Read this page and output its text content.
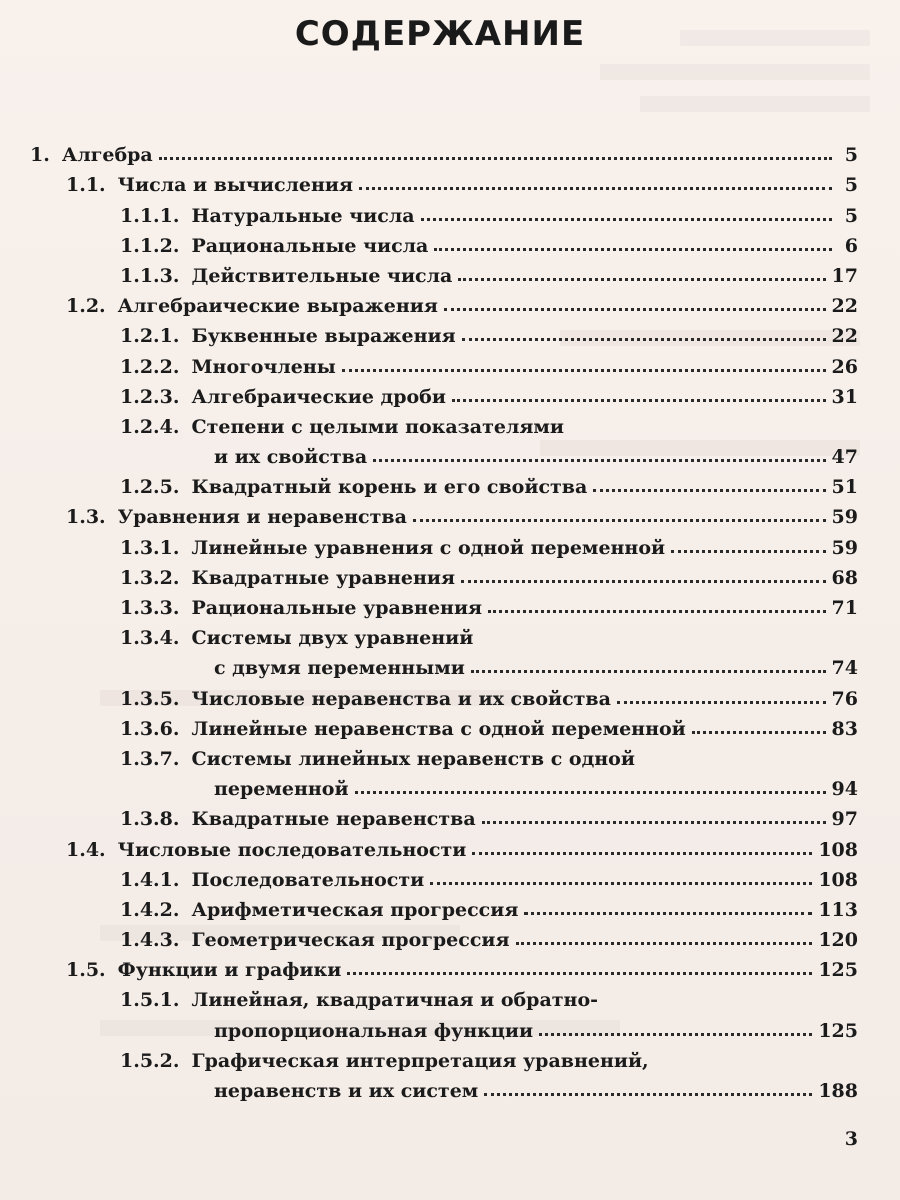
СОДЕРЖАНИЕ
1. Алгебра	5
1.1. Числа и вычисления	5
1.1.1. Натуральные числа	5
1.1.2. Рациональные числа	6
1.1.3. Действительные числа	17
1.2. Алгебраические выражения	22
1.2.1. Буквенные выражения	22
1.2.2. Многочлены	26
1.2.3. Алгебраические дроби	31
1.2.4. Степени с целыми показателями
и их свойства	47
1.2.5. Квадратный корень и его свойства	51
1.3. Уравнения и неравенства	59
1.3.1. Линейные уравнения с одной переменной	59
1.3.2. Квадратные уравнения	68
1.3.3. Рациональные уравнения	71
1.3.4. Системы двух уравнений
с двумя переменными	74
1.3.5. Числовые неравенства и их свойства	76
1.3.6. Линейные неравенства с одной переменной	83
1.3.7. Системы линейных неравенств с одной
переменной	94
1.3.8. Квадратные неравенства	97
1.4. Числовые последовательности	108
1.4.1. Последовательности	108
1.4.2. Арифметическая прогрессия	113
1.4.3. Геометрическая прогрессия	120
1.5. Функции и графики	125
1.5.1. Линейная, квадратичная и обратно-
пропорциональная функции	125
1.5.2. Графическая интерпретация уравнений,
неравенств и их систем	188
3
